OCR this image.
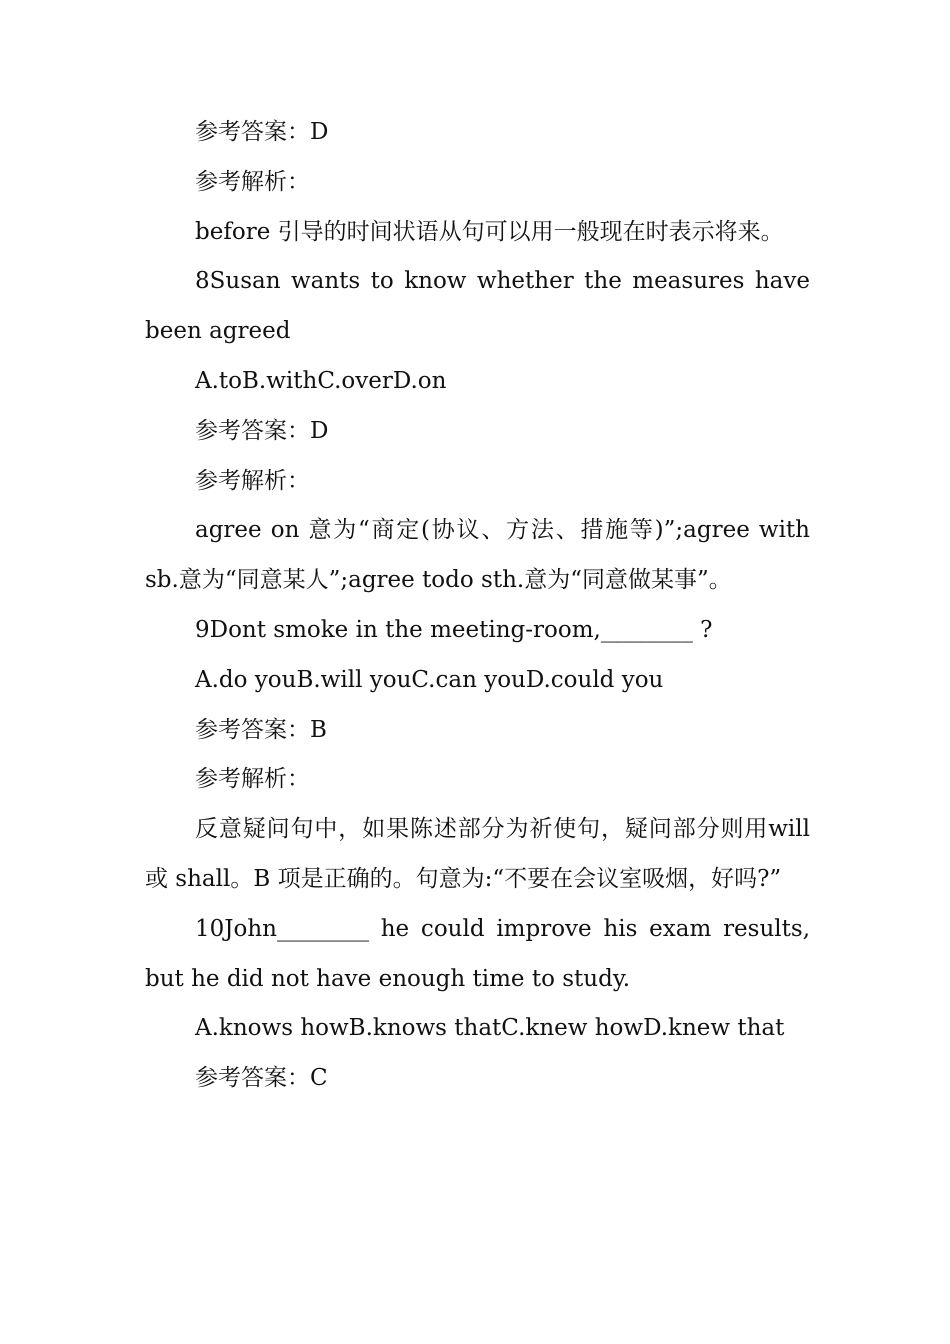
参考答案：D

参考解析：

before 引导的时间状语从句可以用一般现在时表示将来。

8Susan wants to know whether the measures have been agreed

A.toB.withC.overD.on

参考答案：D

参考解析：

agree on 意为“商定(协议、方法、措施等)”;agree with sb.意为“同意某人”;agree todo sth.意为“同意做某事”。

9Dont smoke in the meeting-room,________ ?

A.do youB.will youC.can youD.could you

参考答案：B

参考解析：

反意疑问句中，如果陈述部分为祈使句，疑问部分则用will 或 shall。B 项是正确的。句意为:“不要在会议室吸烟，好吗?”

10John________ he could improve his exam results, but he did not have enough time to study.

A.knows howB.knows thatC.knew howD.knew that

参考答案：C
